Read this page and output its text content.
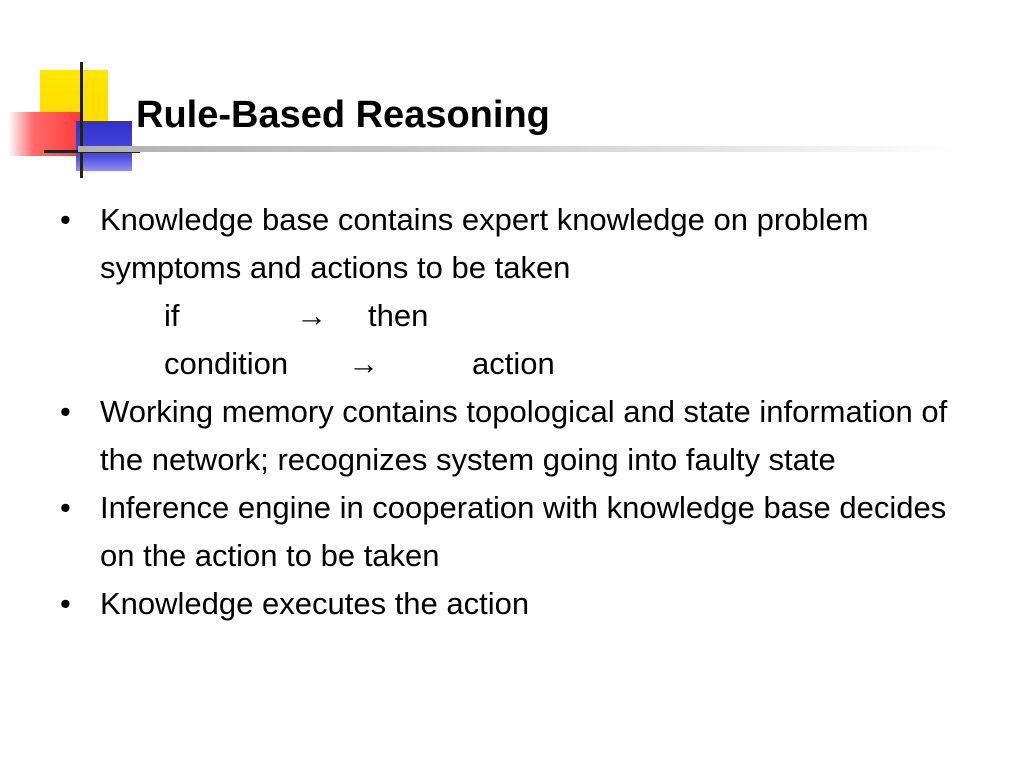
Rule-Based Reasoning
• Knowledge base contains expert knowledge on problem symptoms and actions to be taken
if	→	then
condition	→	action
• Working memory contains topological and state information of the network; recognizes system going into faulty state
• Inference engine in cooperation with knowledge base decides on the action to be taken
• Knowledge executes the action
